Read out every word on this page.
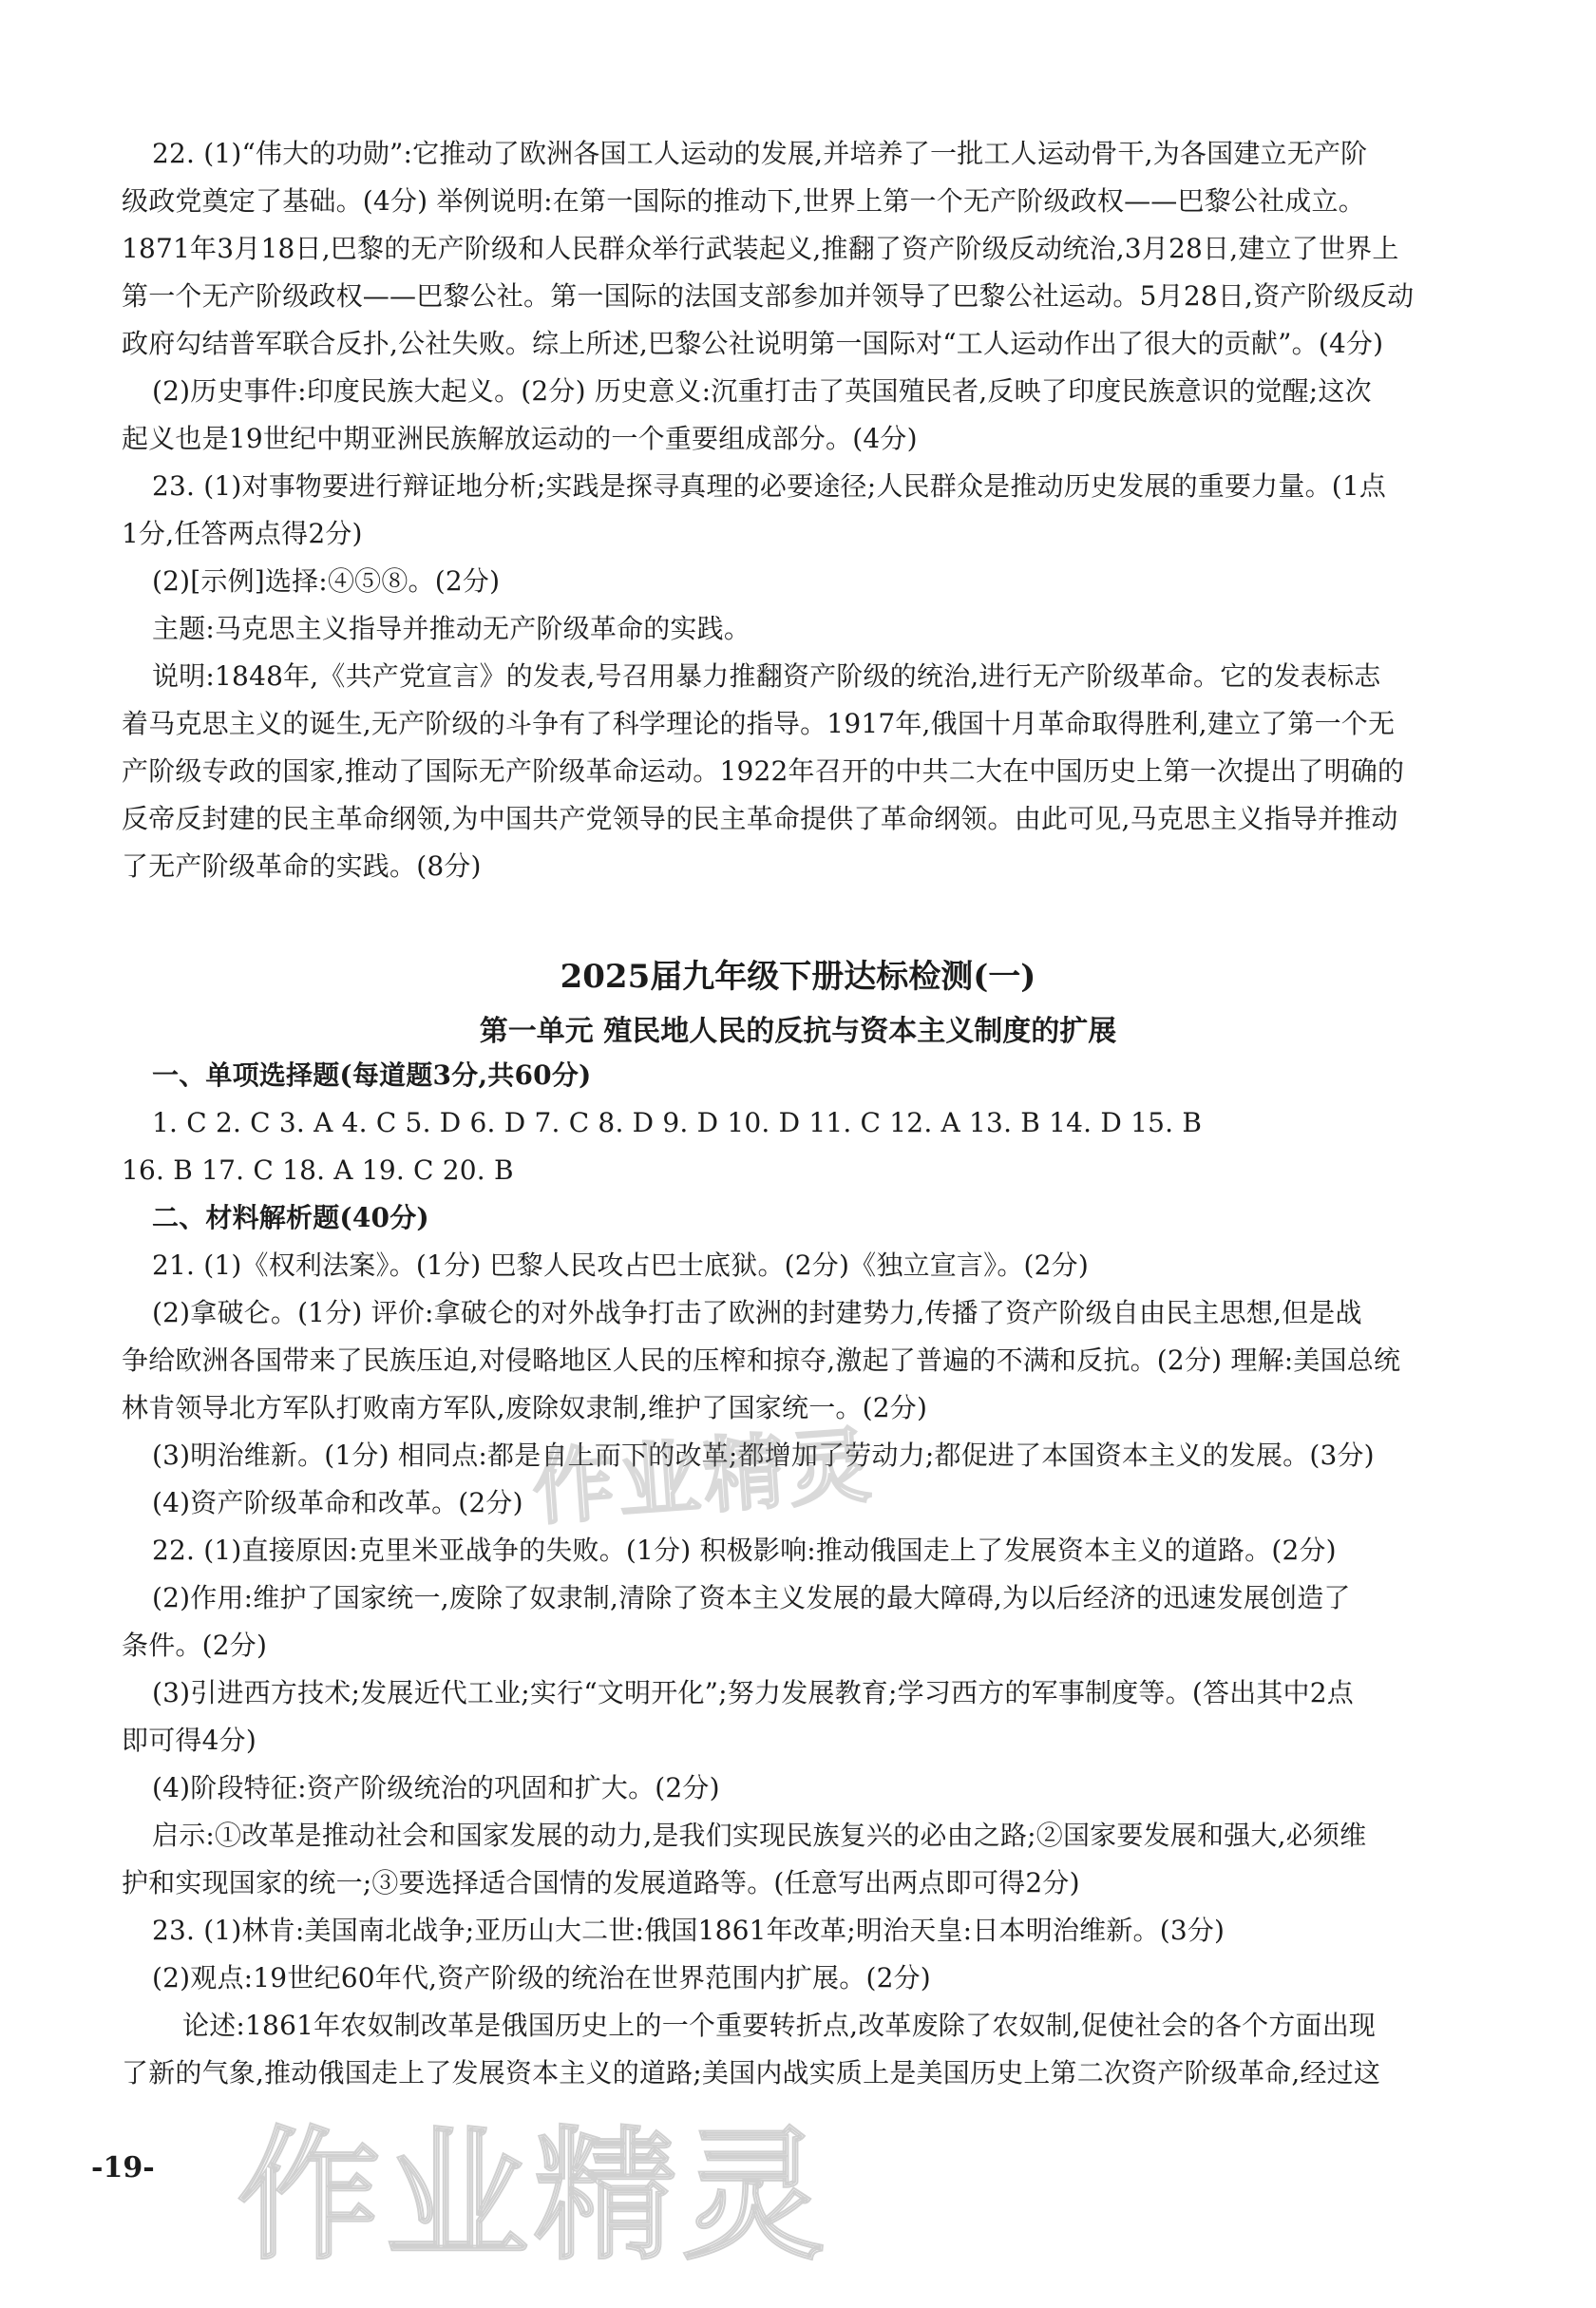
22. (1)“伟大的功勋”:它推动了欧洲各国工人运动的发展,并培养了一批工人运动骨干,为各国建立无产阶
级政党奠定了基础。(4分) 举例说明:在第一国际的推动下,世界上第一个无产阶级政权——巴黎公社成立。
1871年3月18日,巴黎的无产阶级和人民群众举行武装起义,推翻了资产阶级反动统治,3月28日,建立了世界上
第一个无产阶级政权——巴黎公社。第一国际的法国支部参加并领导了巴黎公社运动。5月28日,资产阶级反动
政府勾结普军联合反扑,公社失败。综上所述,巴黎公社说明第一国际对“工人运动作出了很大的贡献”。(4分)
(2)历史事件:印度民族大起义。(2分) 历史意义:沉重打击了英国殖民者,反映了印度民族意识的觉醒;这次
起义也是19世纪中期亚洲民族解放运动的一个重要组成部分。(4分)
23. (1)对事物要进行辩证地分析;实践是探寻真理的必要途径;人民群众是推动历史发展的重要力量。(1点
1分,任答两点得2分)
(2)[示例]选择:④⑤⑧。(2分)
主题:马克思主义指导并推动无产阶级革命的实践。
说明:1848年,《共产党宣言》的发表,号召用暴力推翻资产阶级的统治,进行无产阶级革命。它的发表标志
着马克思主义的诞生,无产阶级的斗争有了科学理论的指导。1917年,俄国十月革命取得胜利,建立了第一个无
产阶级专政的国家,推动了国际无产阶级革命运动。1922年召开的中共二大在中国历史上第一次提出了明确的
反帝反封建的民主革命纲领,为中国共产党领导的民主革命提供了革命纲领。由此可见,马克思主义指导并推动
了无产阶级革命的实践。(8分)
2025届九年级下册达标检测(一)
第一单元 殖民地人民的反抗与资本主义制度的扩展
一、单项选择题(每道题3分,共60分)
1. C 2. C 3. A 4. C 5. D 6. D 7. C 8. D 9. D 10. D 11. C 12. A 13. B 14. D 15. B
16. B 17. C 18. A 19. C 20. B
二、材料解析题(40分)
21. (1)《权利法案》。(1分) 巴黎人民攻占巴士底狱。(2分)《独立宣言》。(2分)
(2)拿破仑。(1分) 评价:拿破仑的对外战争打击了欧洲的封建势力,传播了资产阶级自由民主思想,但是战
争给欧洲各国带来了民族压迫,对侵略地区人民的压榨和掠夺,激起了普遍的不满和反抗。(2分) 理解:美国总统
林肯领导北方军队打败南方军队,废除奴隶制,维护了国家统一。(2分)
(3)明治维新。(1分) 相同点:都是自上而下的改革;都增加了劳动力;都促进了本国资本主义的发展。(3分)
(4)资产阶级革命和改革。(2分)
22. (1)直接原因:克里米亚战争的失败。(1分) 积极影响:推动俄国走上了发展资本主义的道路。(2分)
(2)作用:维护了国家统一,废除了奴隶制,清除了资本主义发展的最大障碍,为以后经济的迅速发展创造了
条件。(2分)
(3)引进西方技术;发展近代工业;实行“文明开化”;努力发展教育;学习西方的军事制度等。(答出其中2点
即可得4分)
(4)阶段特征:资产阶级统治的巩固和扩大。(2分)
启示:①改革是推动社会和国家发展的动力,是我们实现民族复兴的必由之路;②国家要发展和强大,必须维
护和实现国家的统一;③要选择适合国情的发展道路等。(任意写出两点即可得2分)
23. (1)林肯:美国南北战争;亚历山大二世:俄国1861年改革;明治天皇:日本明治维新。(3分)
(2)观点:19世纪60年代,资产阶级的统治在世界范围内扩展。(2分)
论述:1861年农奴制改革是俄国历史上的一个重要转折点,改革废除了农奴制,促使社会的各个方面出现
了新的气象,推动俄国走上了发展资本主义的道路;美国内战实质上是美国历史上第二次资产阶级革命,经过这
作业精灵
作业精灵
-19-
